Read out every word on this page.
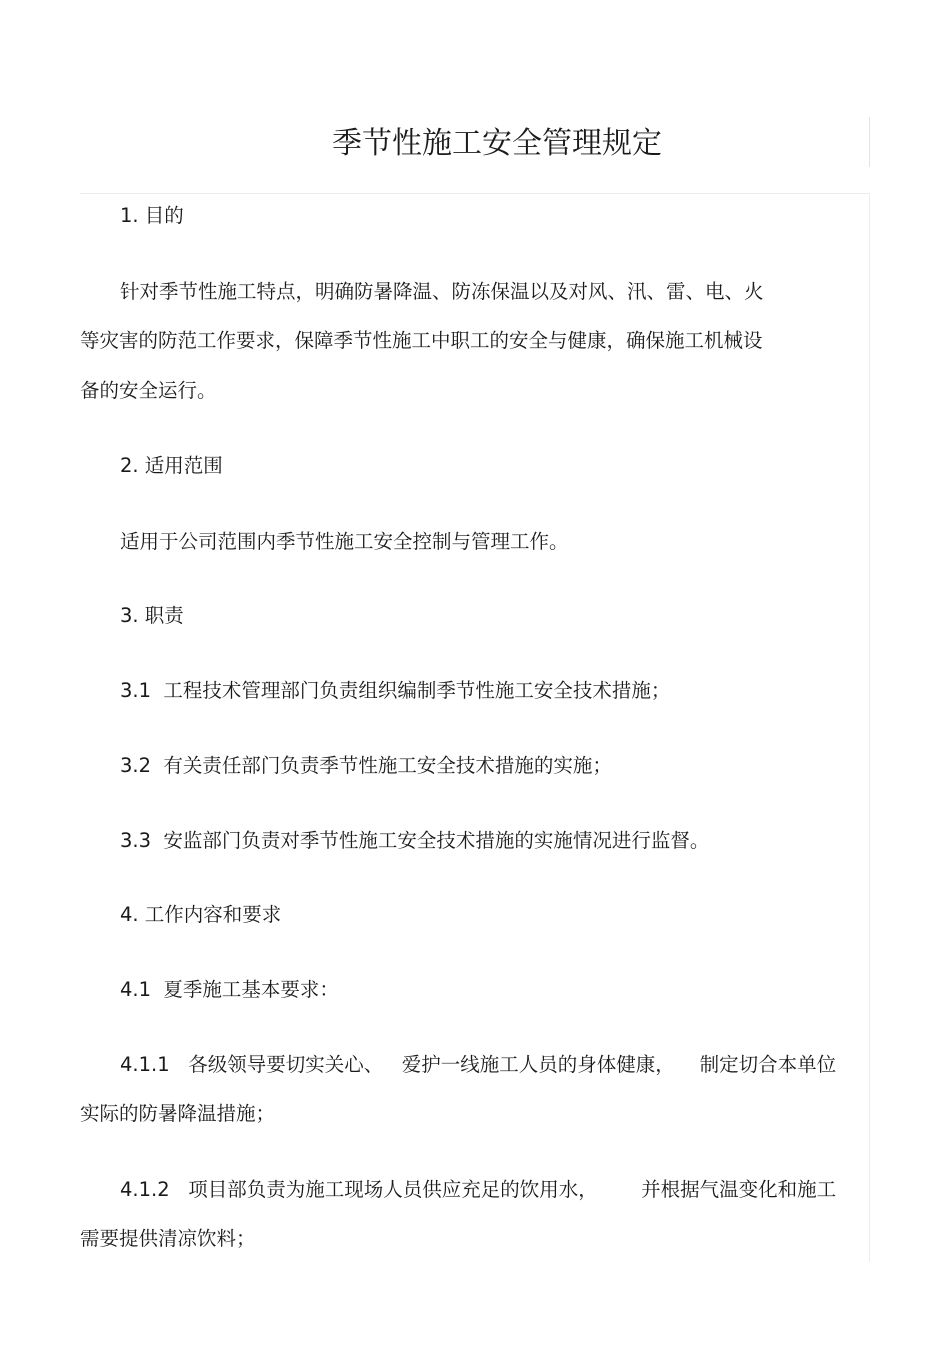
季节性施工安全管理规定
1. 目的
针对季节性施工特点，明确防暑降温、防冻保温以及对风、汛、雷、电、火
等灾害的防范工作要求，保障季节性施工中职工的安全与健康，确保施工机械设
备的安全运行。
2. 适用范围
适用于公司范围内季节性施工安全控制与管理工作。
3. 职责
3.1  工程技术管理部门负责组织编制季节性施工安全技术措施；
3.2  有关责任部门负责季节性施工安全技术措施的实施；
3.3  安监部门负责对季节性施工安全技术措施的实施情况进行监督。
4. 工作内容和要求
4.1  夏季施工基本要求：
4.1.1   各级领导要切实关心、   爱护一线施工人员的身体健康，    制定切合本单位
实际的防暑降温措施；
4.1.2   项目部负责为施工现场人员供应充足的饮用水，       并根据气温变化和施工
需要提供清凉饮料；
